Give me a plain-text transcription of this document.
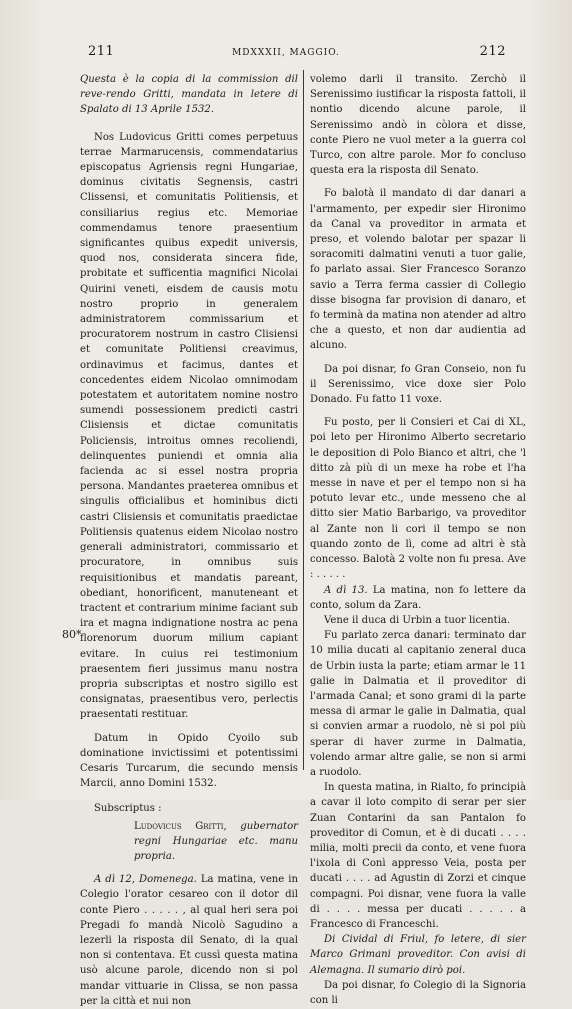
211	MDXXXII, MAGGIO.	212

Questa è la copia di la commission dil reve-rendo Gritti, mandata in letere di Spalato di 13 Aprile 1532.

Nos Ludovicus Gritti comes perpetuus terrae Marmarucensis, commendatarius episcopatus Agriensis regni Hungariae, dominus civitatis Segnensis, castri Clissensi, et comunitatis Politiensis, et consiliarius regius etc. Memoriae commendamus tenore praesentium significantes quibus expedit universis, quod nos, considerata sincera fide, probitate et sufficentia magnifici Nicolai Quirini veneti, eisdem de causis motu nostro proprio in generalem administratorem commissarium et procuratorem nostrum in castro Clisiensi et comunitate Politiensi creavimus, ordinavimus et facimus, dantes et concedentes eidem Nicolao omnimodam potestatem et autoritatem nomine nostro sumendi possessionem predicti castri Clisiensis et dictae comunitatis Policiensis, introitus omnes recoliendi, delinquentes puniendi et omnia alia facienda ac si essel nostra propria persona. Mandantes praeterea omnibus et singulis officialibus et hominibus dicti castri Clisiensis et comunitatis praedictae Politiensis quatenus eidem Nicolao nostro generali administratori, commissario et procuratore, in omnibus suis requisitionibus et mandatis pareant, obediant, honorificent, manuteneant et tractent et contrarium minime faciant sub ira et magna indignatione nostra ac pena florenorum duorum milium capiant evitare. In cuius rei testimonium praesentem fieri jussimus manu nostra propria subscriptas et nostro sigillo est consignatas, praesentibus vero, perlectis praesentati restituar.

Datum in Opido Cyoilo sub dominatione invictissimi et potentissimi Cesaris Turcarum, die secundo mensis Marcii, anno Domini 1532.

Subscriptus :

Ludovicus Gritti, gubernator regni Hungariae etc. manu propria.

A dì 12, Domenega. La matina, vene in Colegio l'orator cesareo con il dotor dil conte Piero . . . . . , al qual heri sera poi Pregadi fo mandà Nicolò Sagudino a lezerli la risposta dil Senato, di la qual non si contentava. Et cussì questa matina usò alcune parole, dicendo non si pol mandar vittuarie in Clissa, se non passa per la città et nui non

80*

volemo darli il transito. Zerchò il Serenissimo iustificar la risposta fattoli, il nontio dicendo alcune parole, il Serenissimo andò in còlora et disse, conte Piero ne vuol meter a la guerra col Turco, con altre parole. Mor fo concluso questa era la risposta dil Senato.

Fo balotà il mandato di dar danari a l'armamento, per expedir sier Hironimo da Canal va proveditor in armata et preso, et volendo balotar per spazar li soracomiti dalmatini venuti a tuor galie, fo parlato assai. Sier Francesco Soranzo savio a Terra ferma cassier di Collegio disse bisogna far provision di danaro, et fo terminà da matina non atender ad altro che a questo, et non dar audientia ad alcuno.

Da poi disnar, fo Gran Conseio, non fu il Serenissimo, vice doxe sier Polo Donado. Fu fatto 11 voxe.

Fu posto, per li Consieri et Cai di XL, poi leto per Hironimo Alberto secretario le deposition di Polo Bianco et altri, che 'l ditto zà più di un mexe ha robe et l'ha messe in nave et per el tempo non si ha potuto levar etc., unde messeno che al ditto sier Matio Barbarigo, va proveditor al Zante non li cori il tempo se non quando zonto de lì, come ad altri è stà concesso. Balotà 2 volte non fu presa. Ave : . . . . .

A dì 13. La matina, non fo lettere da conto, solum da Zara.

Vene il duca di Urbin a tuor licentia.

Fu parlato zerca danari: terminato dar 10 milia ducati al capitanio zeneral duca de Urbin iusta la parte; etiam armar le 11 galie in Dalmatia et il proveditor di l'armada Canal; et sono grami di la parte messa di armar le galie in Dalmatia, qual si convien armar a ruodolo, nè si pol più sperar di haver zurme in Dalmatia, volendo armar altre galie, se non si armi a ruodolo.

In questa matina, in Rialto, fo principià a cavar il loto compito di serar per sier Zuan Contarini da san Pantalon fo proveditor di Comun, et è di ducati . . . . milia, molti precii da conto, et vene fuora l'ixola di Conì appresso Veia, posta per ducati . . . . ad Agustin di Zorzi et cinque compagni. Poi disnar, vene fuora la valle di . . . . messa per ducati . . . . . a Francesco di Franceschi.

Di Cividal di Friul, fo letere, di sier Marco Grimani proveditor. Con avisi di Alemagna. Il sumario dirò poi.

Da poi disnar, fo Colegio di la Signoria con li
